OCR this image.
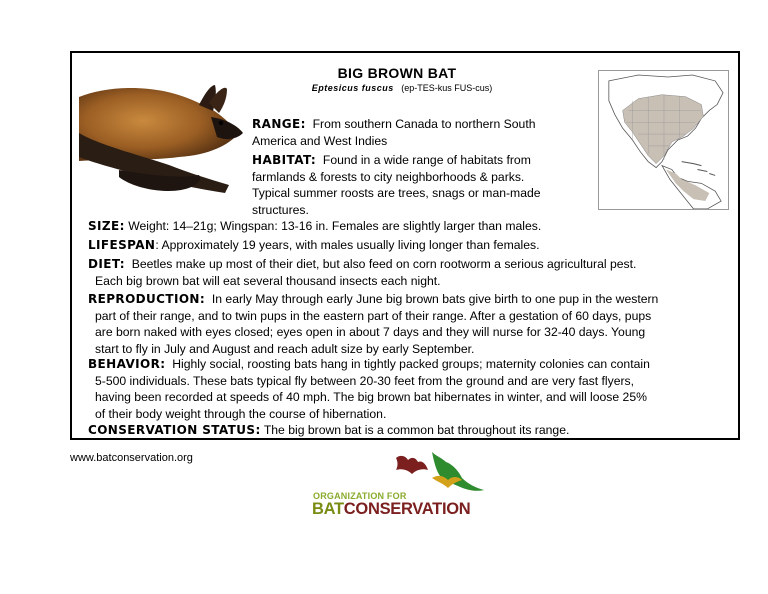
BIG BROWN BAT
Eptesicus fuscus (ep-TES-kus FUS-cus)
RANGE: From southern Canada to northern South
America and West Indies
HABITAT: Found in a wide range of habitats from
farmlands & forests to city neighborhoods & parks.
Typical summer roosts are trees, snags or man-made
structures.
SIZE: Weight: 14–21g; Wingspan: 13-16 in. Females are slightly larger than males.
LIFESPAN: Approximately 19 years, with males usually living longer than females.
DIET: Beetles make up most of their diet, but also feed on corn rootworm a serious agricultural pest.
Each big brown bat will eat several thousand insects each night.
REPRODUCTION: In early May through early June big brown bats give birth to one pup in the western
part of their range, and to twin pups in the eastern part of their range. After a gestation of 60 days, pups
are born naked with eyes closed; eyes open in about 7 days and they will nurse for 32-40 days. Young
start to fly in July and August and reach adult size by early September.
BEHAVIOR: Highly social, roosting bats hang in tightly packed groups; maternity colonies can contain
5-500 individuals. These bats typical fly between 20-30 feet from the ground and are very fast flyers,
having been recorded at speeds of 40 mph. The big brown bat hibernates in winter, and will loose 25%
of their body weight through the course of hibernation.
CONSERVATION STATUS: The big brown bat is a common bat throughout its range.
www.batconservation.org
ORGANIZATION FOR
BATCONSERVATION
